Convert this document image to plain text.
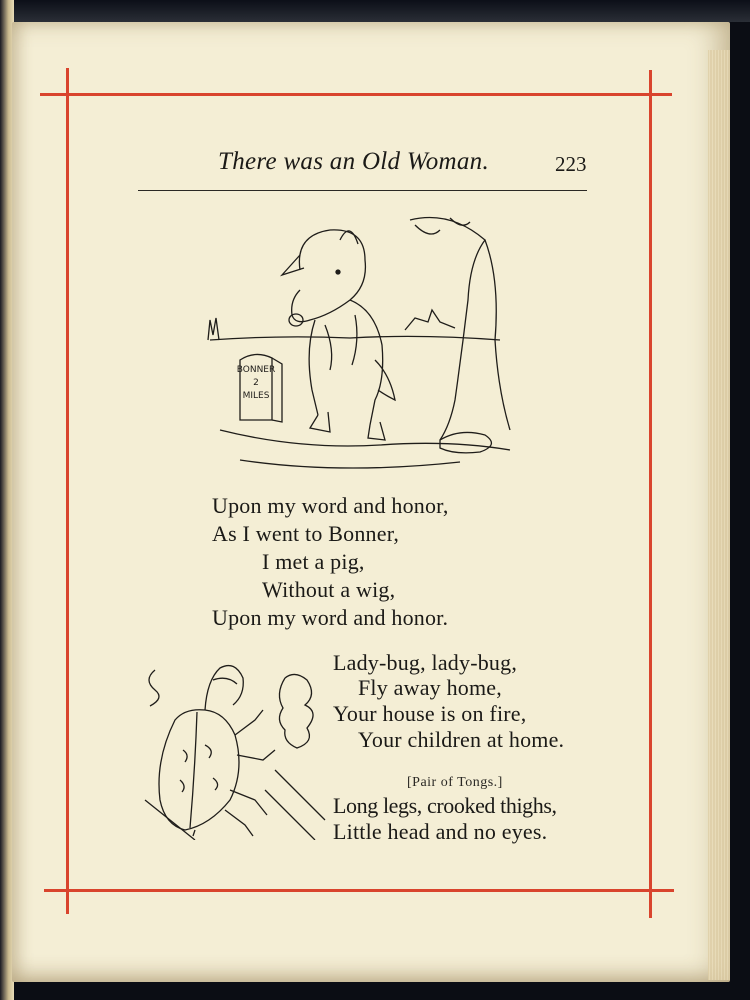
There was an Old Woman.	223
BONNER
2
MILES
Upon my word and honor,
As I went to Bonner,
I met a pig,
Without a wig,
Upon my word and honor.
Lady-bug, lady-bug,
Fly away home,
Your house is on fire,
Your children at home.
[Pair of Tongs.]
Long legs, crooked thighs,
Little head and no eyes.
